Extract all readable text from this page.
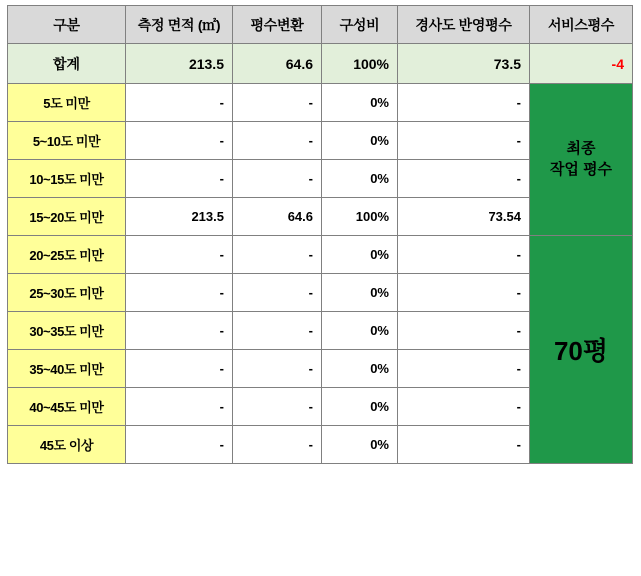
구분	측정 면적 (㎡)	평수변환	구성비	경사도 반영평수	서비스평수
합계	213.5	64.6	100%	73.5	-4
5도 미만	-	-	0%	-	최종
작업 평수
5~10도 미만	-	-	0%	-	
10~15도 미만	-	-	0%	-	
15~20도 미만	213.5	64.6	100%	73.54	
20~25도 미만	-	-	0%	-	70평
25~30도 미만	-	-	0%	-	
30~35도 미만	-	-	0%	-	
35~40도 미만	-	-	0%	-	
40~45도 미만	-	-	0%	-	
45도 이상	-	-	0%	-	
